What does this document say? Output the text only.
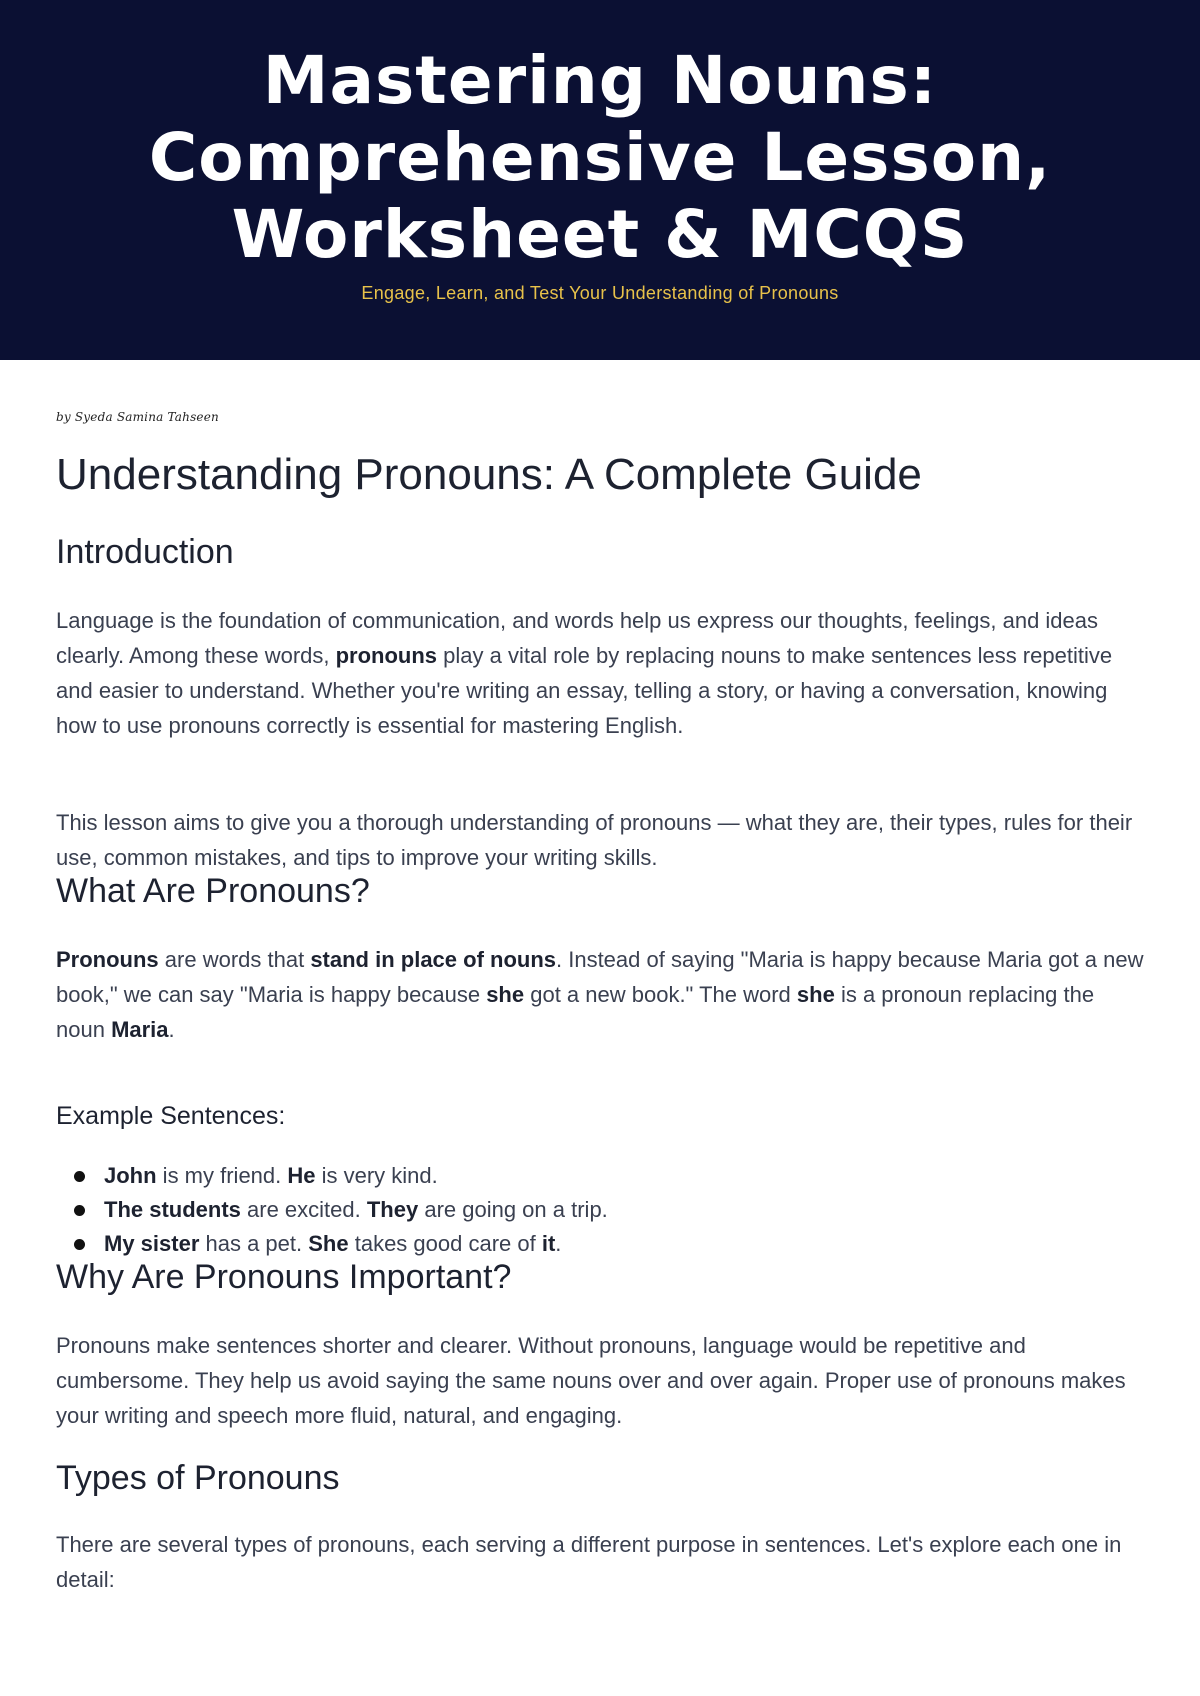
Mastering Nouns:
Comprehensive Lesson,
Worksheet & MCQS
Engage, Learn, and Test Your Understanding of Pronouns
by Syeda Samina Tahseen
Understanding Pronouns: A Complete Guide
Introduction

Language is the foundation of communication, and words help us express our thoughts, feelings, and ideas clearly. Among these words, pronouns play a vital role by replacing nouns to make sentences less repetitive and easier to understand. Whether you're writing an essay, telling a story, or having a conversation, knowing how to use pronouns correctly is essential for mastering English.

This lesson aims to give you a thorough understanding of pronouns — what they are, their types, rules for their use, common mistakes, and tips to improve your writing skills.

What Are Pronouns?

Pronouns are words that stand in place of nouns. Instead of saying "Maria is happy because Maria got a new book," we can say "Maria is happy because she got a new book." The word she is a pronoun replacing the noun Maria.

Example Sentences:
John is my friend. He is very kind.
The students are excited. They are going on a trip.
My sister has a pet. She takes good care of it.
Why Are Pronouns Important?

Pronouns make sentences shorter and clearer. Without pronouns, language would be repetitive and cumbersome. They help us avoid saying the same nouns over and over again. Proper use of pronouns makes your writing and speech more fluid, natural, and engaging.

Types of Pronouns

There are several types of pronouns, each serving a different purpose in sentences. Let's explore each one in detail:
